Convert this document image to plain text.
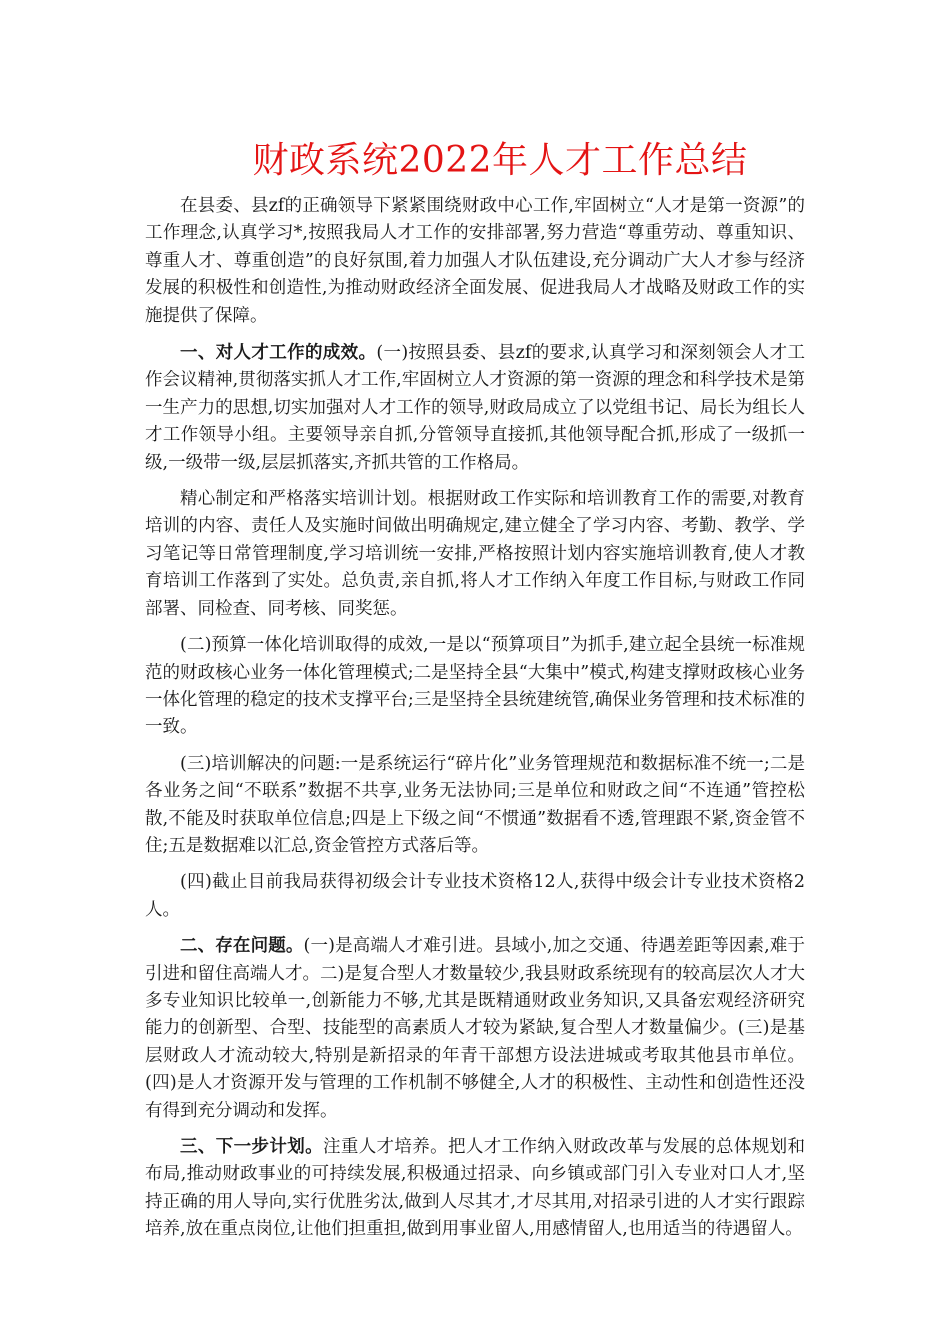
财政系统2022年人才工作总结

在县委、县zf的正确领导下紧紧围绕财政中心工作,牢固树立“人才是第一资源”的工作理念,认真学习*,按照我局人才工作的安排部署,努力营造“尊重劳动、尊重知识、尊重人才、尊重创造”的良好氛围,着力加强人才队伍建设,充分调动广大人才参与经济发展的积极性和创造性,为推动财政经济全面发展、促进我局人才战略及财政工作的实施提供了保障。

一、对人才工作的成效。(一)按照县委、县zf的要求,认真学习和深刻领会人才工作会议精神,贯彻落实抓人才工作,牢固树立人才资源的第一资源的理念和科学技术是第一生产力的思想,切实加强对人才工作的领导,财政局成立了以党组书记、局长为组长人才工作领导小组。主要领导亲自抓,分管领导直接抓,其他领导配合抓,形成了一级抓一级,一级带一级,层层抓落实,齐抓共管的工作格局。

精心制定和严格落实培训计划。根据财政工作实际和培训教育工作的需要,对教育培训的内容、责任人及实施时间做出明确规定,建立健全了学习内容、考勤、教学、学习笔记等日常管理制度,学习培训统一安排,严格按照计划内容实施培训教育,使人才教育培训工作落到了实处。总负责,亲自抓,将人才工作纳入年度工作目标,与财政工作同部署、同检查、同考核、同奖惩。

(二)预算一体化培训取得的成效,一是以“预算项目”为抓手,建立起全县统一标准规范的财政核心业务一体化管理模式;二是坚持全县“大集中”模式,构建支撑财政核心业务一体化管理的稳定的技术支撑平台;三是坚持全县统建统管,确保业务管理和技术标准的一致。

(三)培训解决的问题:一是系统运行“碎片化”业务管理规范和数据标准不统一;二是各业务之间“不联系”数据不共享,业务无法协同;三是单位和财政之间“不连通”管控松散,不能及时获取单位信息;四是上下级之间“不惯通”数据看不透,管理跟不紧,资金管不住;五是数据难以汇总,资金管控方式落后等。

(四)截止目前我局获得初级会计专业技术资格12人,获得中级会计专业技术资格2人。

二、存在问题。(一)是高端人才难引进。县域小,加之交通、待遇差距等因素,难于引进和留住高端人才。二)是复合型人才数量较少,我县财政系统现有的较高层次人才大多专业知识比较单一,创新能力不够,尤其是既精通财政业务知识,又具备宏观经济研究能力的创新型、合型、技能型的高素质人才较为紧缺,复合型人才数量偏少。(三)是基层财政人才流动较大,特别是新招录的年青干部想方设法进城或考取其他县市单位。(四)是人才资源开发与管理的工作机制不够健全,人才的积极性、主动性和创造性还没有得到充分调动和发挥。

三、下一步计划。注重人才培养。把人才工作纳入财政改革与发展的总体规划和布局,推动财政事业的可持续发展,积极通过招录、向乡镇或部门引入专业对口人才,坚持正确的用人导向,实行优胜劣汰,做到人尽其才,才尽其用,对招录引进的人才实行跟踪培养,放在重点岗位,让他们担重担,做到用事业留人,用感情留人,也用适当的待遇留人。
